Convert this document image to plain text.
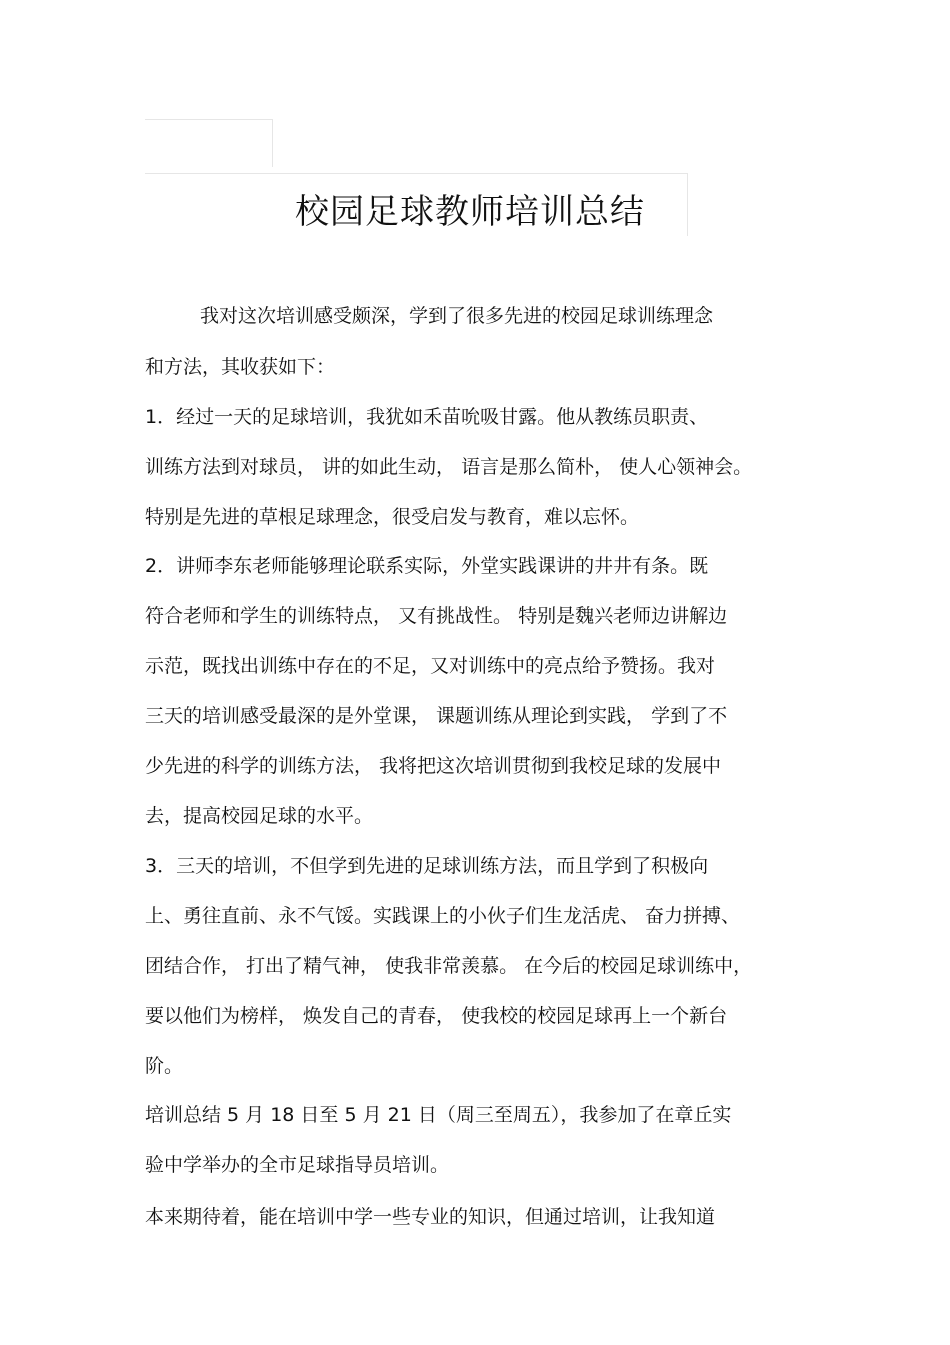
校园足球教师培训总结
我对这次培训感受颇深，学到了很多先进的校园足球训练理念
和方法，其收获如下：
1．经过一天的足球培训，我犹如禾苗吮吸甘露。他从教练员职责、
训练方法到对球员， 讲的如此生动， 语言是那么简朴， 使人心领神会。
特别是先进的草根足球理念，很受启发与教育，难以忘怀。
2．讲师李东老师能够理论联系实际，外堂实践课讲的井井有条。既
符合老师和学生的训练特点， 又有挑战性。 特别是魏兴老师边讲解边
示范，既找出训练中存在的不足，又对训练中的亮点给予赞扬。我对
三天的培训感受最深的是外堂课， 课题训练从理论到实践， 学到了不
少先进的科学的训练方法， 我将把这次培训贯彻到我校足球的发展中
去，提高校园足球的水平。
3．三天的培训，不但学到先进的足球训练方法，而且学到了积极向
上、勇往直前、永不气馁。实践课上的小伙子们生龙活虎、 奋力拼搏、
团结合作， 打出了精气神， 使我非常羡慕。 在今后的校园足球训练中，
要以他们为榜样， 焕发自己的青春， 使我校的校园足球再上一个新台
阶。
培训总结 5 月 18 日至 5 月 21 日（周三至周五），我参加了在章丘实
验中学举办的全市足球指导员培训。
本来期待着，能在培训中学一些专业的知识，但通过培训，让我知道
